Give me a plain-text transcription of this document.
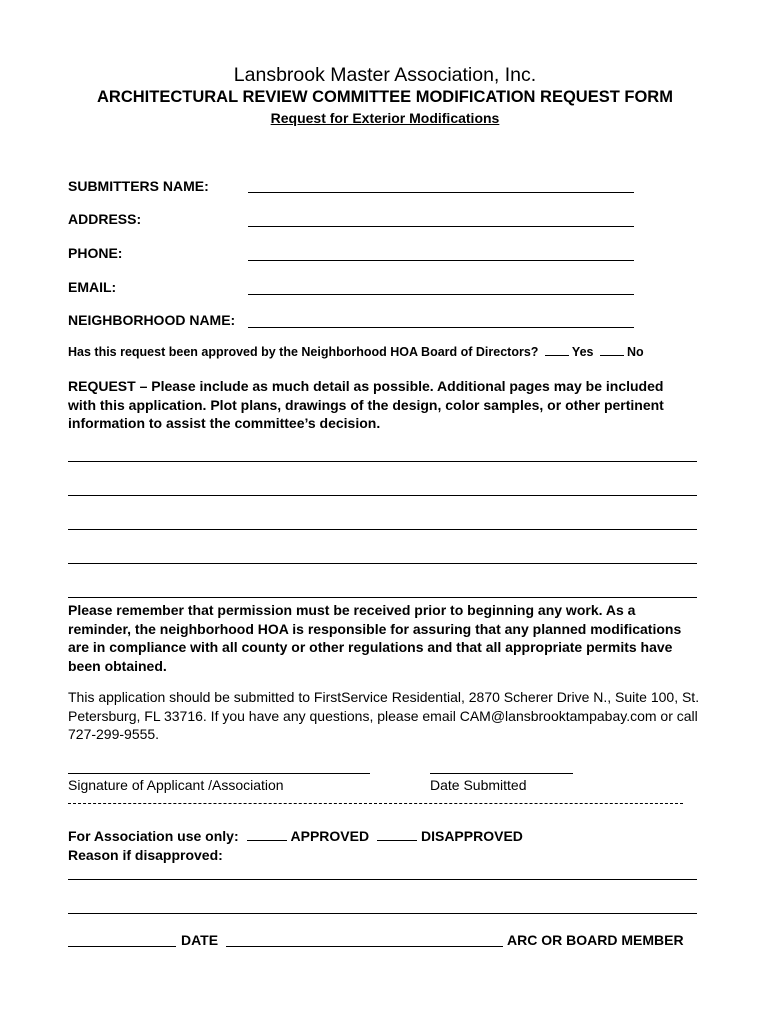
Lansbrook Master Association, Inc.
ARCHITECTURAL REVIEW COMMITTEE MODIFICATION REQUEST FORM
Request for Exterior Modifications
SUBMITTERS NAME:
ADDRESS:
PHONE:
EMAIL:
NEIGHBORHOOD NAME:
Has this request been approved by the Neighborhood HOA Board of Directors?	Yes	No
REQUEST – Please include as much detail as possible. Additional pages may be included with this application. Plot plans, drawings of the design, color samples, or other pertinent information to assist the committee’s decision.
Please remember that permission must be received prior to beginning any work. As a reminder, the neighborhood HOA is responsible for assuring that any planned modifications are in compliance with all county or other regulations and that all appropriate permits have been obtained.
This application should be submitted to FirstService Residential, 2870 Scherer Drive N., Suite 100, St. Petersburg, FL 33716. If you have any questions, please email CAM@lansbrooktampabay.com or call 727-299-9555.
Signature of Applicant /Association	Date Submitted
For Association use only:	APPROVED	DISAPPROVED
Reason if disapproved:
DATE	ARC OR BOARD MEMBER
